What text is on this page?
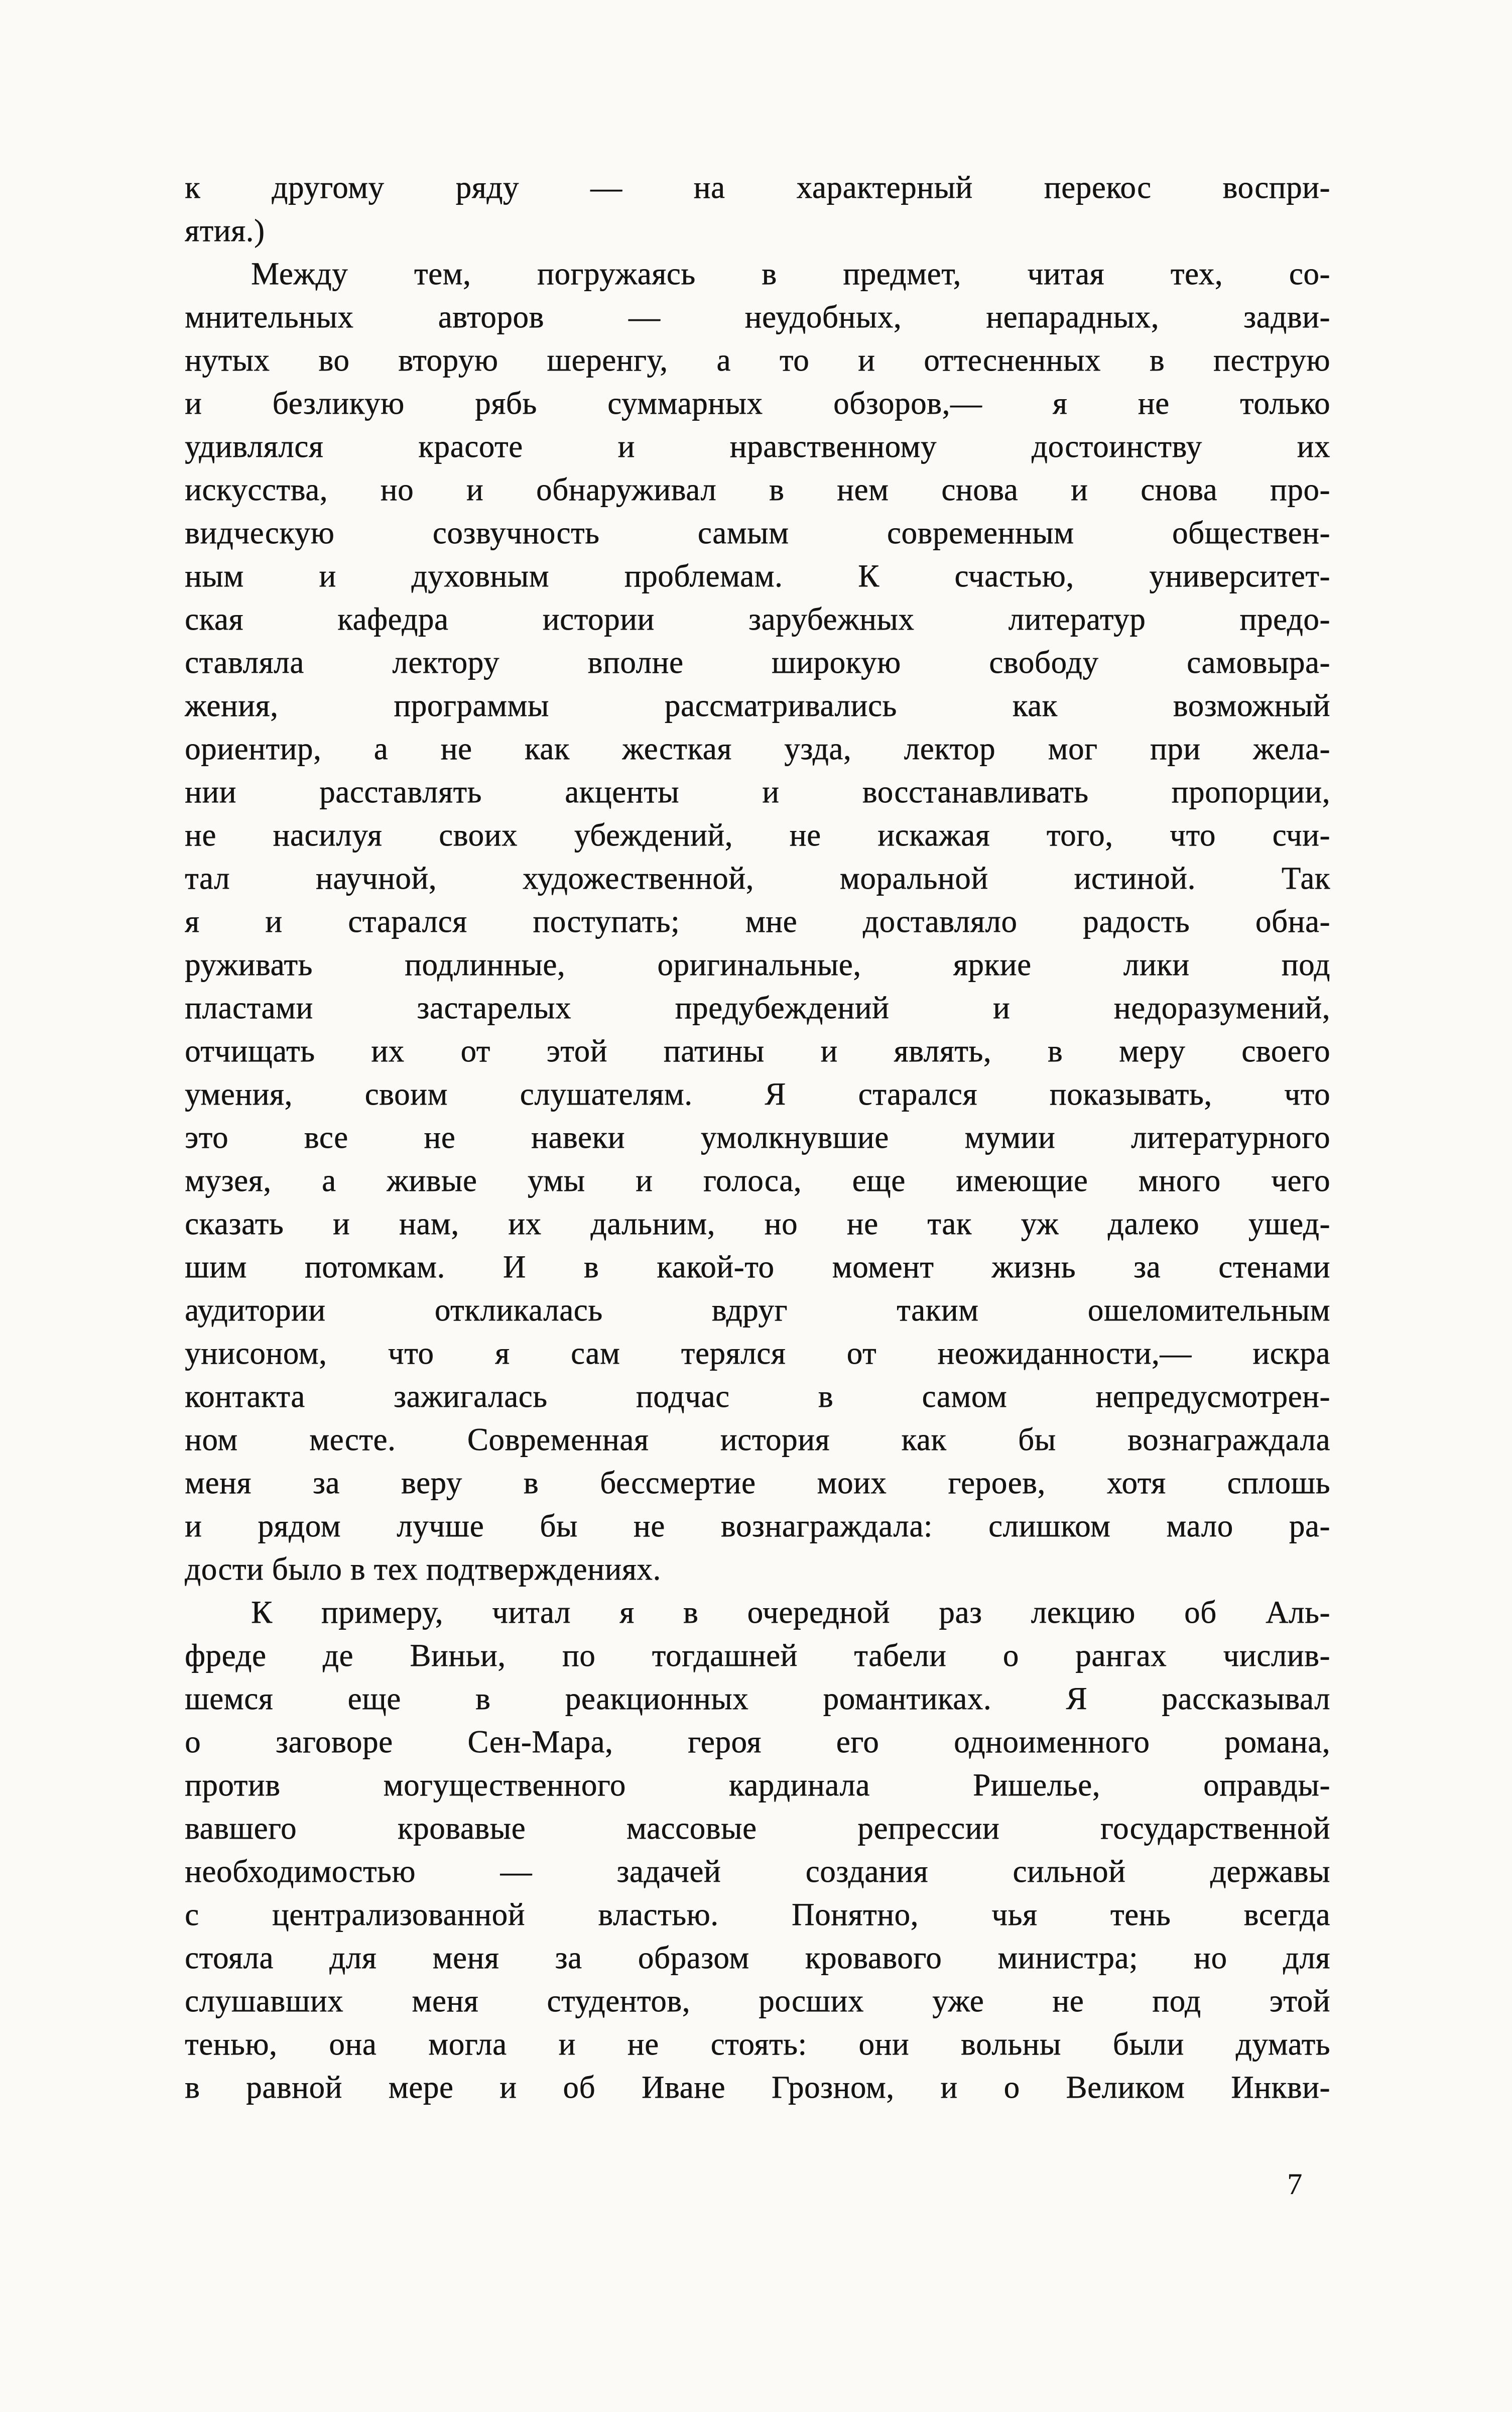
к другому ряду — на характерный перекос воспри-
ятия.)
Между тем, погружаясь в предмет, читая тех, со-
мнительных авторов — неудобных, непарадных, задви-
нутых во вторую шеренгу, а то и оттесненных в пеструю
и безликую рябь суммарных обзоров,— я не только
удивлялся красоте и нравственному достоинству их
искусства, но и обнаруживал в нем снова и снова про-
видческую созвучность самым современным обществен-
ным и духовным проблемам. К счастью, университет-
ская кафедра истории зарубежных литератур предо-
ставляла лектору вполне широкую свободу самовыра-
жения, программы рассматривались как возможный
ориентир, а не как жесткая узда, лектор мог при жела-
нии расставлять акценты и восстанавливать пропорции,
не насилуя своих убеждений, не искажая того, что счи-
тал научной, художественной, моральной истиной. Так
я и старался поступать; мне доставляло радость обна-
руживать подлинные, оригинальные, яркие лики под
пластами застарелых предубеждений и недоразумений,
отчищать их от этой патины и являть, в меру своего
умения, своим слушателям. Я старался показывать, что
это все не навеки умолкнувшие мумии литературного
музея, а живые умы и голоса, еще имеющие много чего
сказать и нам, их дальним, но не так уж далеко ушед-
шим потомкам. И в какой-то момент жизнь за стенами
аудитории откликалась вдруг таким ошеломительным
унисоном, что я сам терялся от неожиданности,— искра
контакта зажигалась подчас в самом непредусмотрен-
ном месте. Современная история как бы вознаграждала
меня за веру в бессмертие моих героев, хотя сплошь
и рядом лучше бы не вознаграждала: слишком мало ра-
дости было в тех подтверждениях.
К примеру, читал я в очередной раз лекцию об Аль-
фреде де Виньи, по тогдашней табели о рангах числив-
шемся еще в реакционных романтиках. Я рассказывал
о заговоре Сен-Мара, героя его одноименного романа,
против могущественного кардинала Ришелье, оправды-
вавшего кровавые массовые репрессии государственной
необходимостью — задачей создания сильной державы
с централизованной властью. Понятно, чья тень всегда
стояла для меня за образом кровавого министра; но для
слушавших меня студентов, росших уже не под этой
тенью, она могла и не стоять: они вольны были думать
в равной мере и об Иване Грозном, и о Великом Инкви-
7
